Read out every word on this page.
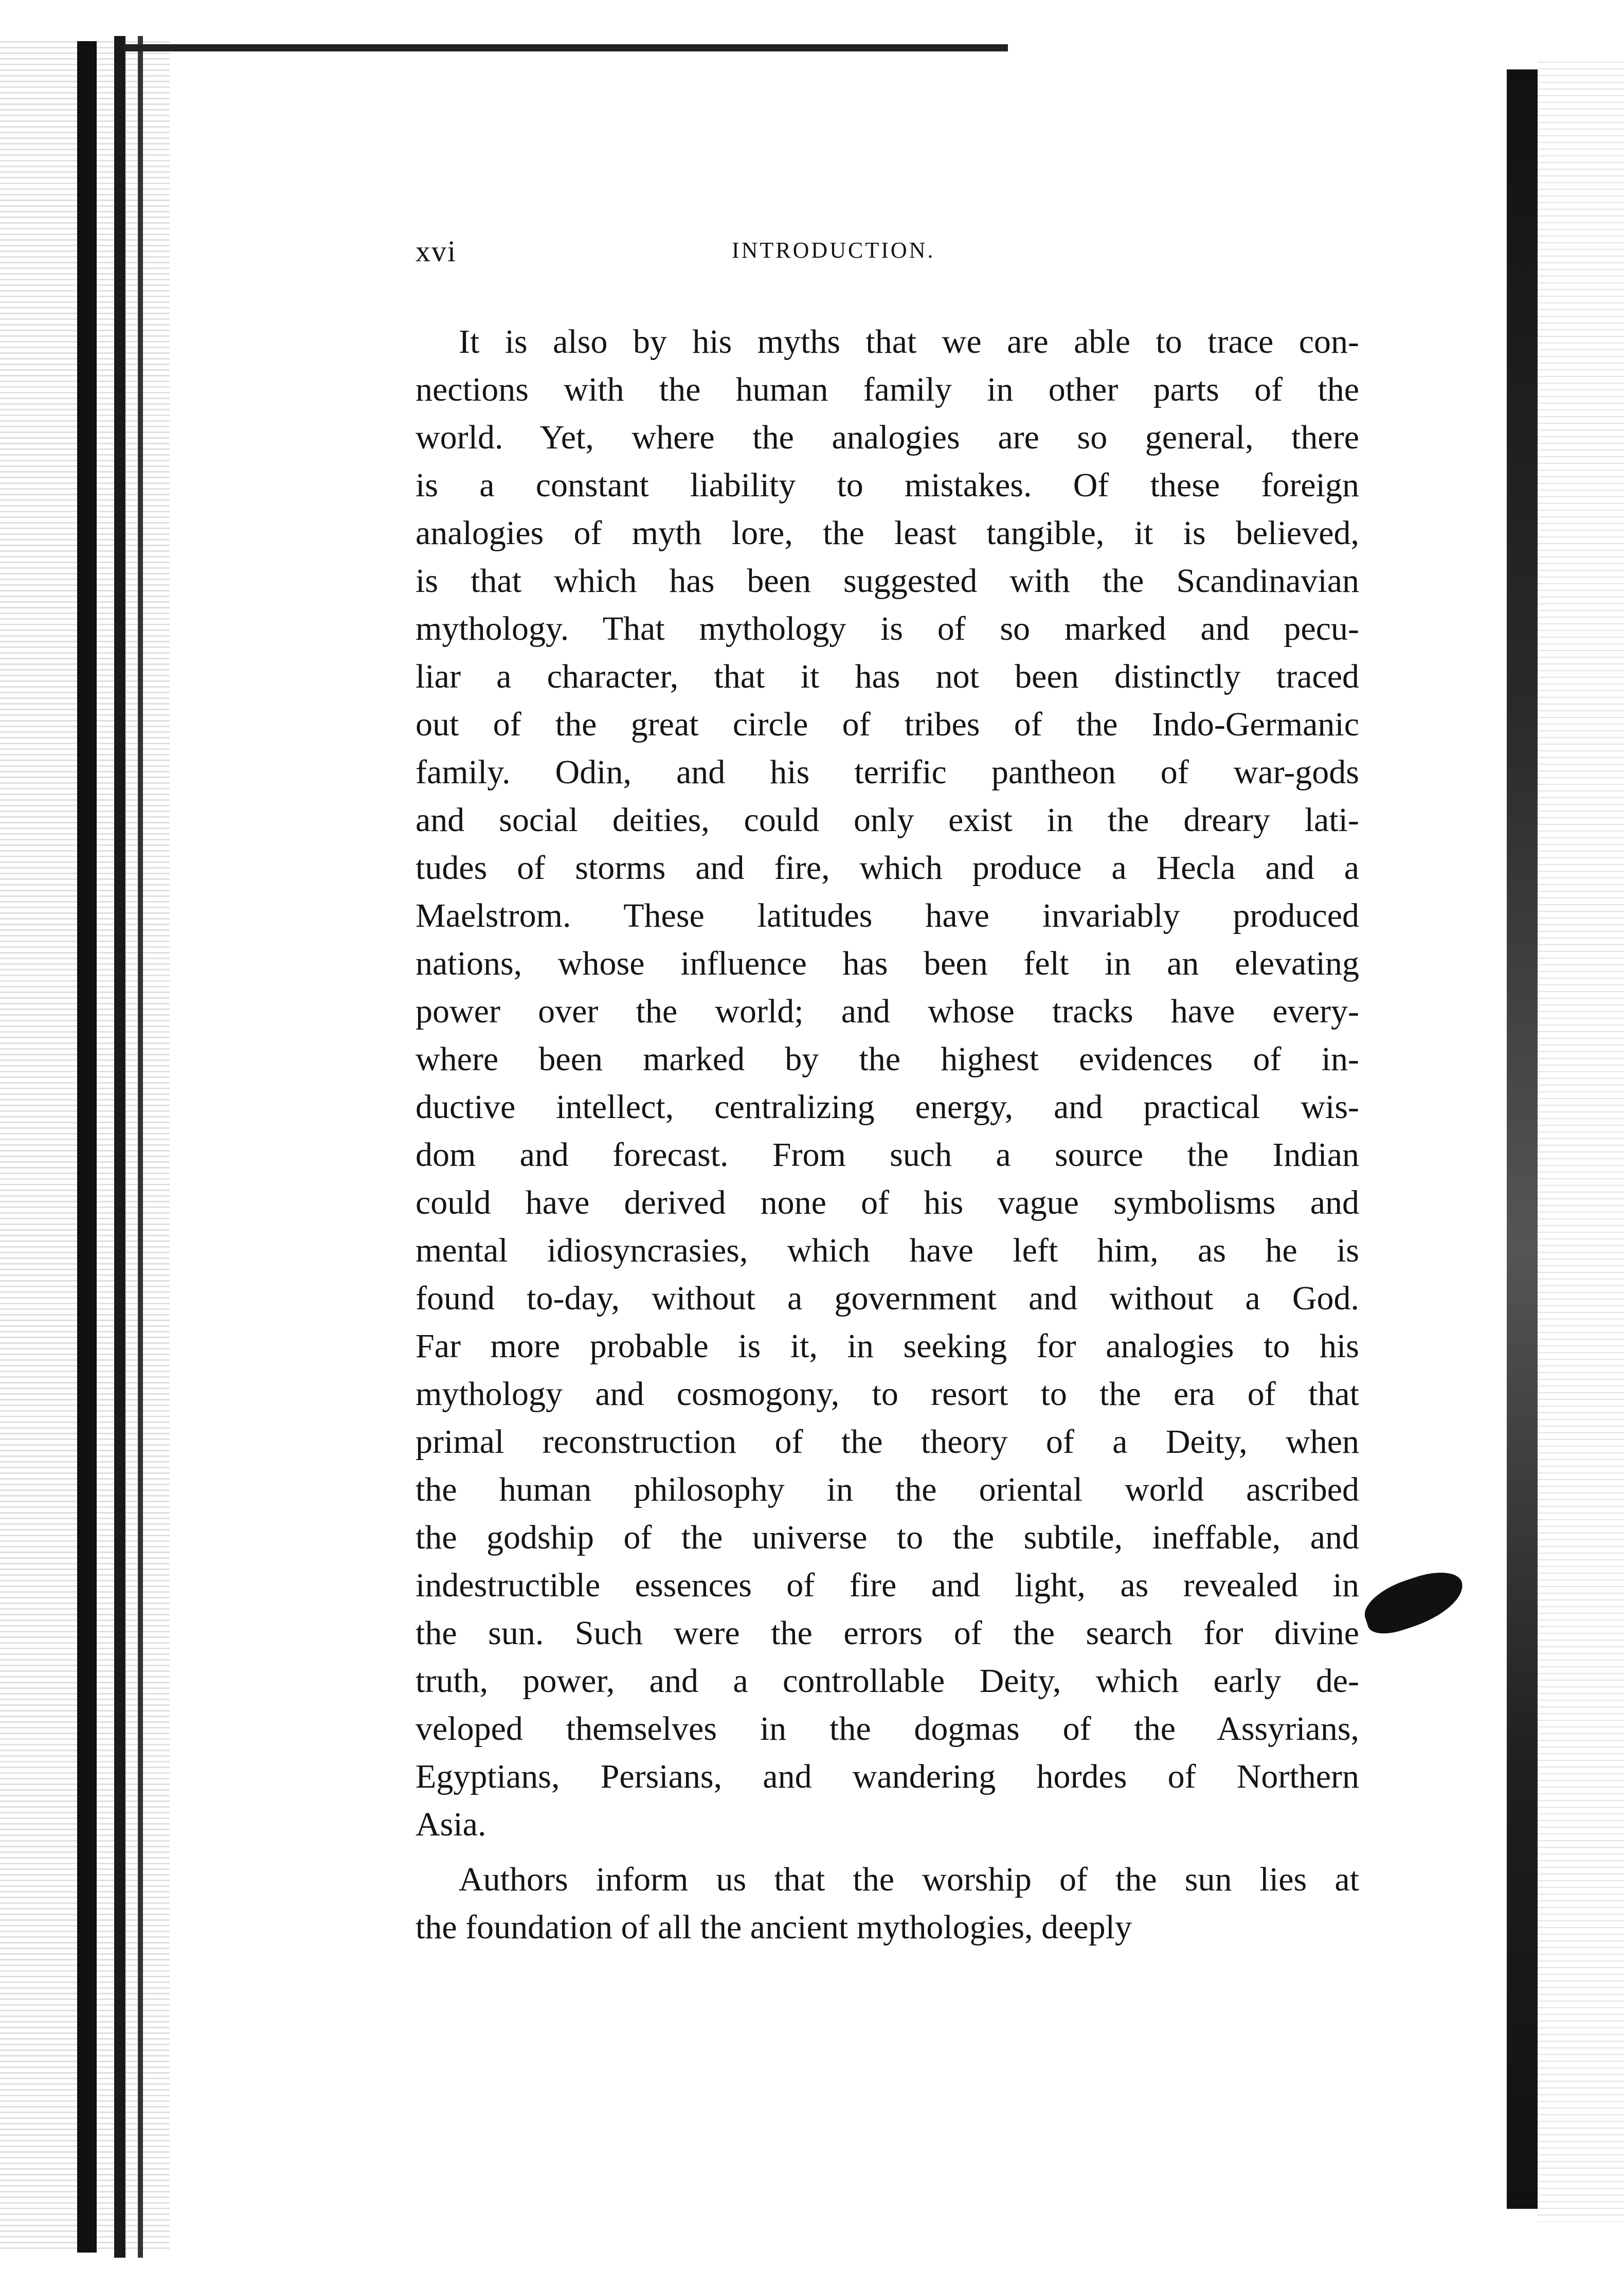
xvi	INTRODUCTION.
It is also by his myths that we are able to trace con-
nections with the human family in other parts of the
world. Yet, where the analogies are so general, there
is a constant liability to mistakes. Of these foreign
analogies of myth lore, the least tangible, it is believed,
is that which has been suggested with the Scandinavian
mythology. That mythology is of so marked and pecu-
liar a character, that it has not been distinctly traced
out of the great circle of tribes of the Indo-Germanic
family. Odin, and his terrific pantheon of war-gods
and social deities, could only exist in the dreary lati-
tudes of storms and fire, which produce a Hecla and a
Maelstrom. These latitudes have invariably produced
nations, whose influence has been felt in an elevating
power over the world; and whose tracks have every-
where been marked by the highest evidences of in-
ductive intellect, centralizing energy, and practical wis-
dom and forecast. From such a source the Indian
could have derived none of his vague symbolisms and
mental idiosyncrasies, which have left him, as he is
found to-day, without a government and without a God.
Far more probable is it, in seeking for analogies to his
mythology and cosmogony, to resort to the era of that
primal reconstruction of the theory of a Deity, when
the human philosophy in the oriental world ascribed
the godship of the universe to the subtile, ineffable, and
indestructible essences of fire and light, as revealed in
the sun. Such were the errors of the search for divine
truth, power, and a controllable Deity, which early de-
veloped themselves in the dogmas of the Assyrians,
Egyptians, Persians, and wandering hordes of Northern
Asia.
Authors inform us that the worship of the sun lies at
the foundation of all the ancient mythologies, deeply
